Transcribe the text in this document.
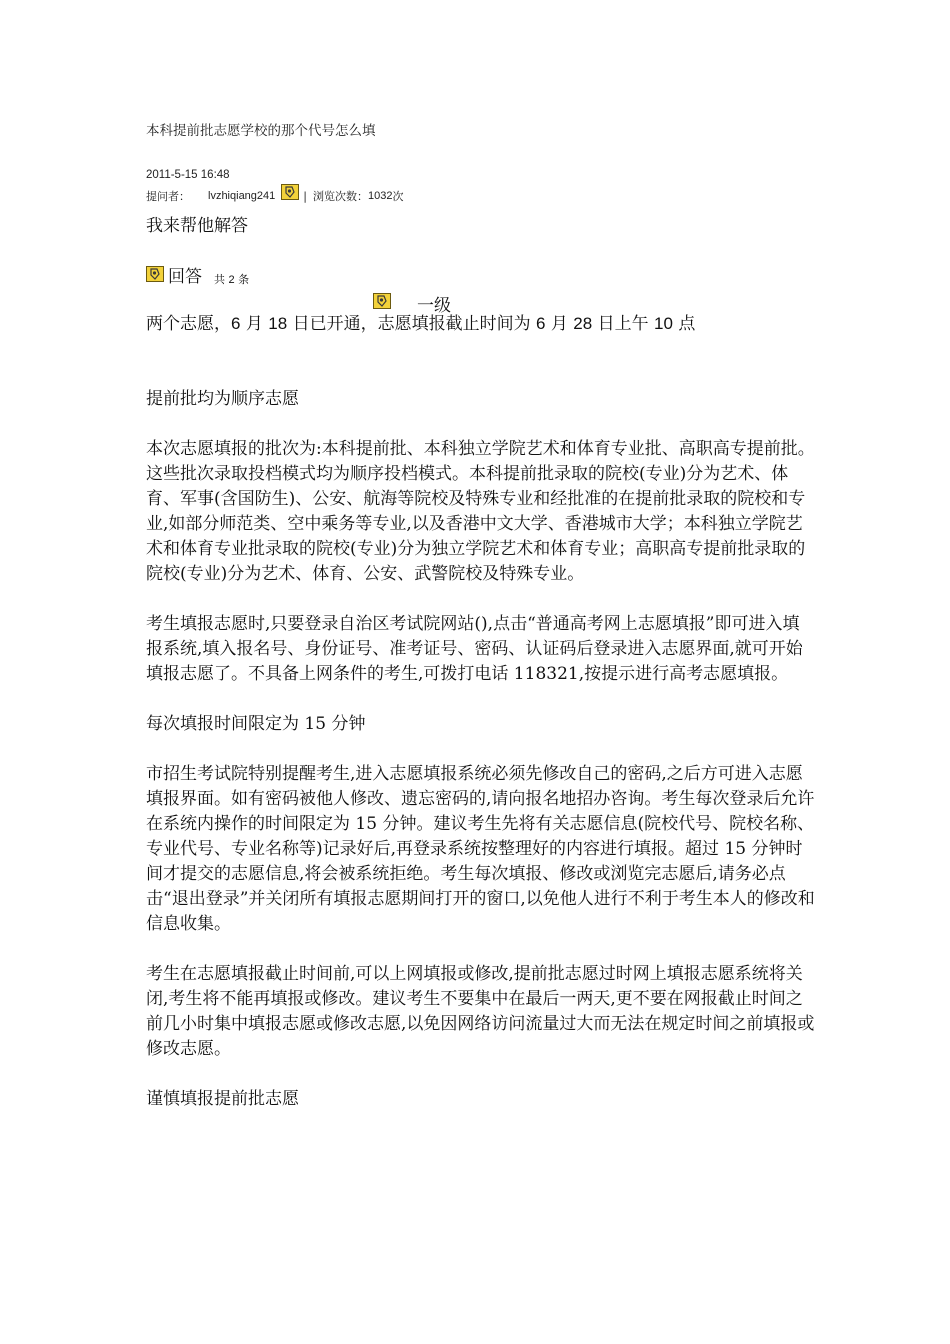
本科提前批志愿学校的那个代号怎么填
2011-5-15 16:48
提问者： lvzhiqiang241	| 浏览次数： 1032 次
我来帮他解答
回答 共 2 条
一级

两个志愿，6 月 18 日已开通，志愿填报截止时间为 6 月 28 日上午 10 点

提前批均为顺序志愿

本次志愿填报的批次为:本科提前批、本科独立学院艺术和体育专业批、高职高专提前批。这些批次录取投档模式均为顺序投档模式。本科提前批录取的院校(专业)分为艺术、体育、军事(含国防生)、公安、航海等院校及特殊专业和经批准的在提前批录取的院校和专业,如部分师范类、空中乘务等专业,以及香港中文大学、香港城市大学；本科独立学院艺术和体育专业批录取的院校(专业)分为独立学院艺术和体育专业；高职高专提前批录取的院校(专业)分为艺术、体育、公安、武警院校及特殊专业。

考生填报志愿时,只要登录自治区考试院网站(),点击“普通高考网上志愿填报”即可进入填报系统,填入报名号、身份证号、准考证号、密码、认证码后登录进入志愿界面,就可开始填报志愿了。不具备上网条件的考生,可拨打电话 118321,按提示进行高考志愿填报。

每次填报时间限定为 15 分钟

市招生考试院特别提醒考生,进入志愿填报系统必须先修改自己的密码,之后方可进入志愿填报界面。如有密码被他人修改、遗忘密码的,请向报名地招办咨询。考生每次登录后允许在系统内操作的时间限定为 15 分钟。建议考生先将有关志愿信息(院校代号、院校名称、专业代号、专业名称等)记录好后,再登录系统按整理好的内容进行填报。超过 15 分钟时间才提交的志愿信息,将会被系统拒绝。考生每次填报、修改或浏览完志愿后,请务必点击“退出登录”并关闭所有填报志愿期间打开的窗口,以免他人进行不利于考生本人的修改和信息收集。

考生在志愿填报截止时间前,可以上网填报或修改,提前批志愿过时网上填报志愿系统将关闭,考生将不能再填报或修改。建议考生不要集中在最后一两天,更不要在网报截止时间之前几小时集中填报志愿或修改志愿,以免因网络访问流量过大而无法在规定时间之前填报或修改志愿。

谨慎填报提前批志愿
